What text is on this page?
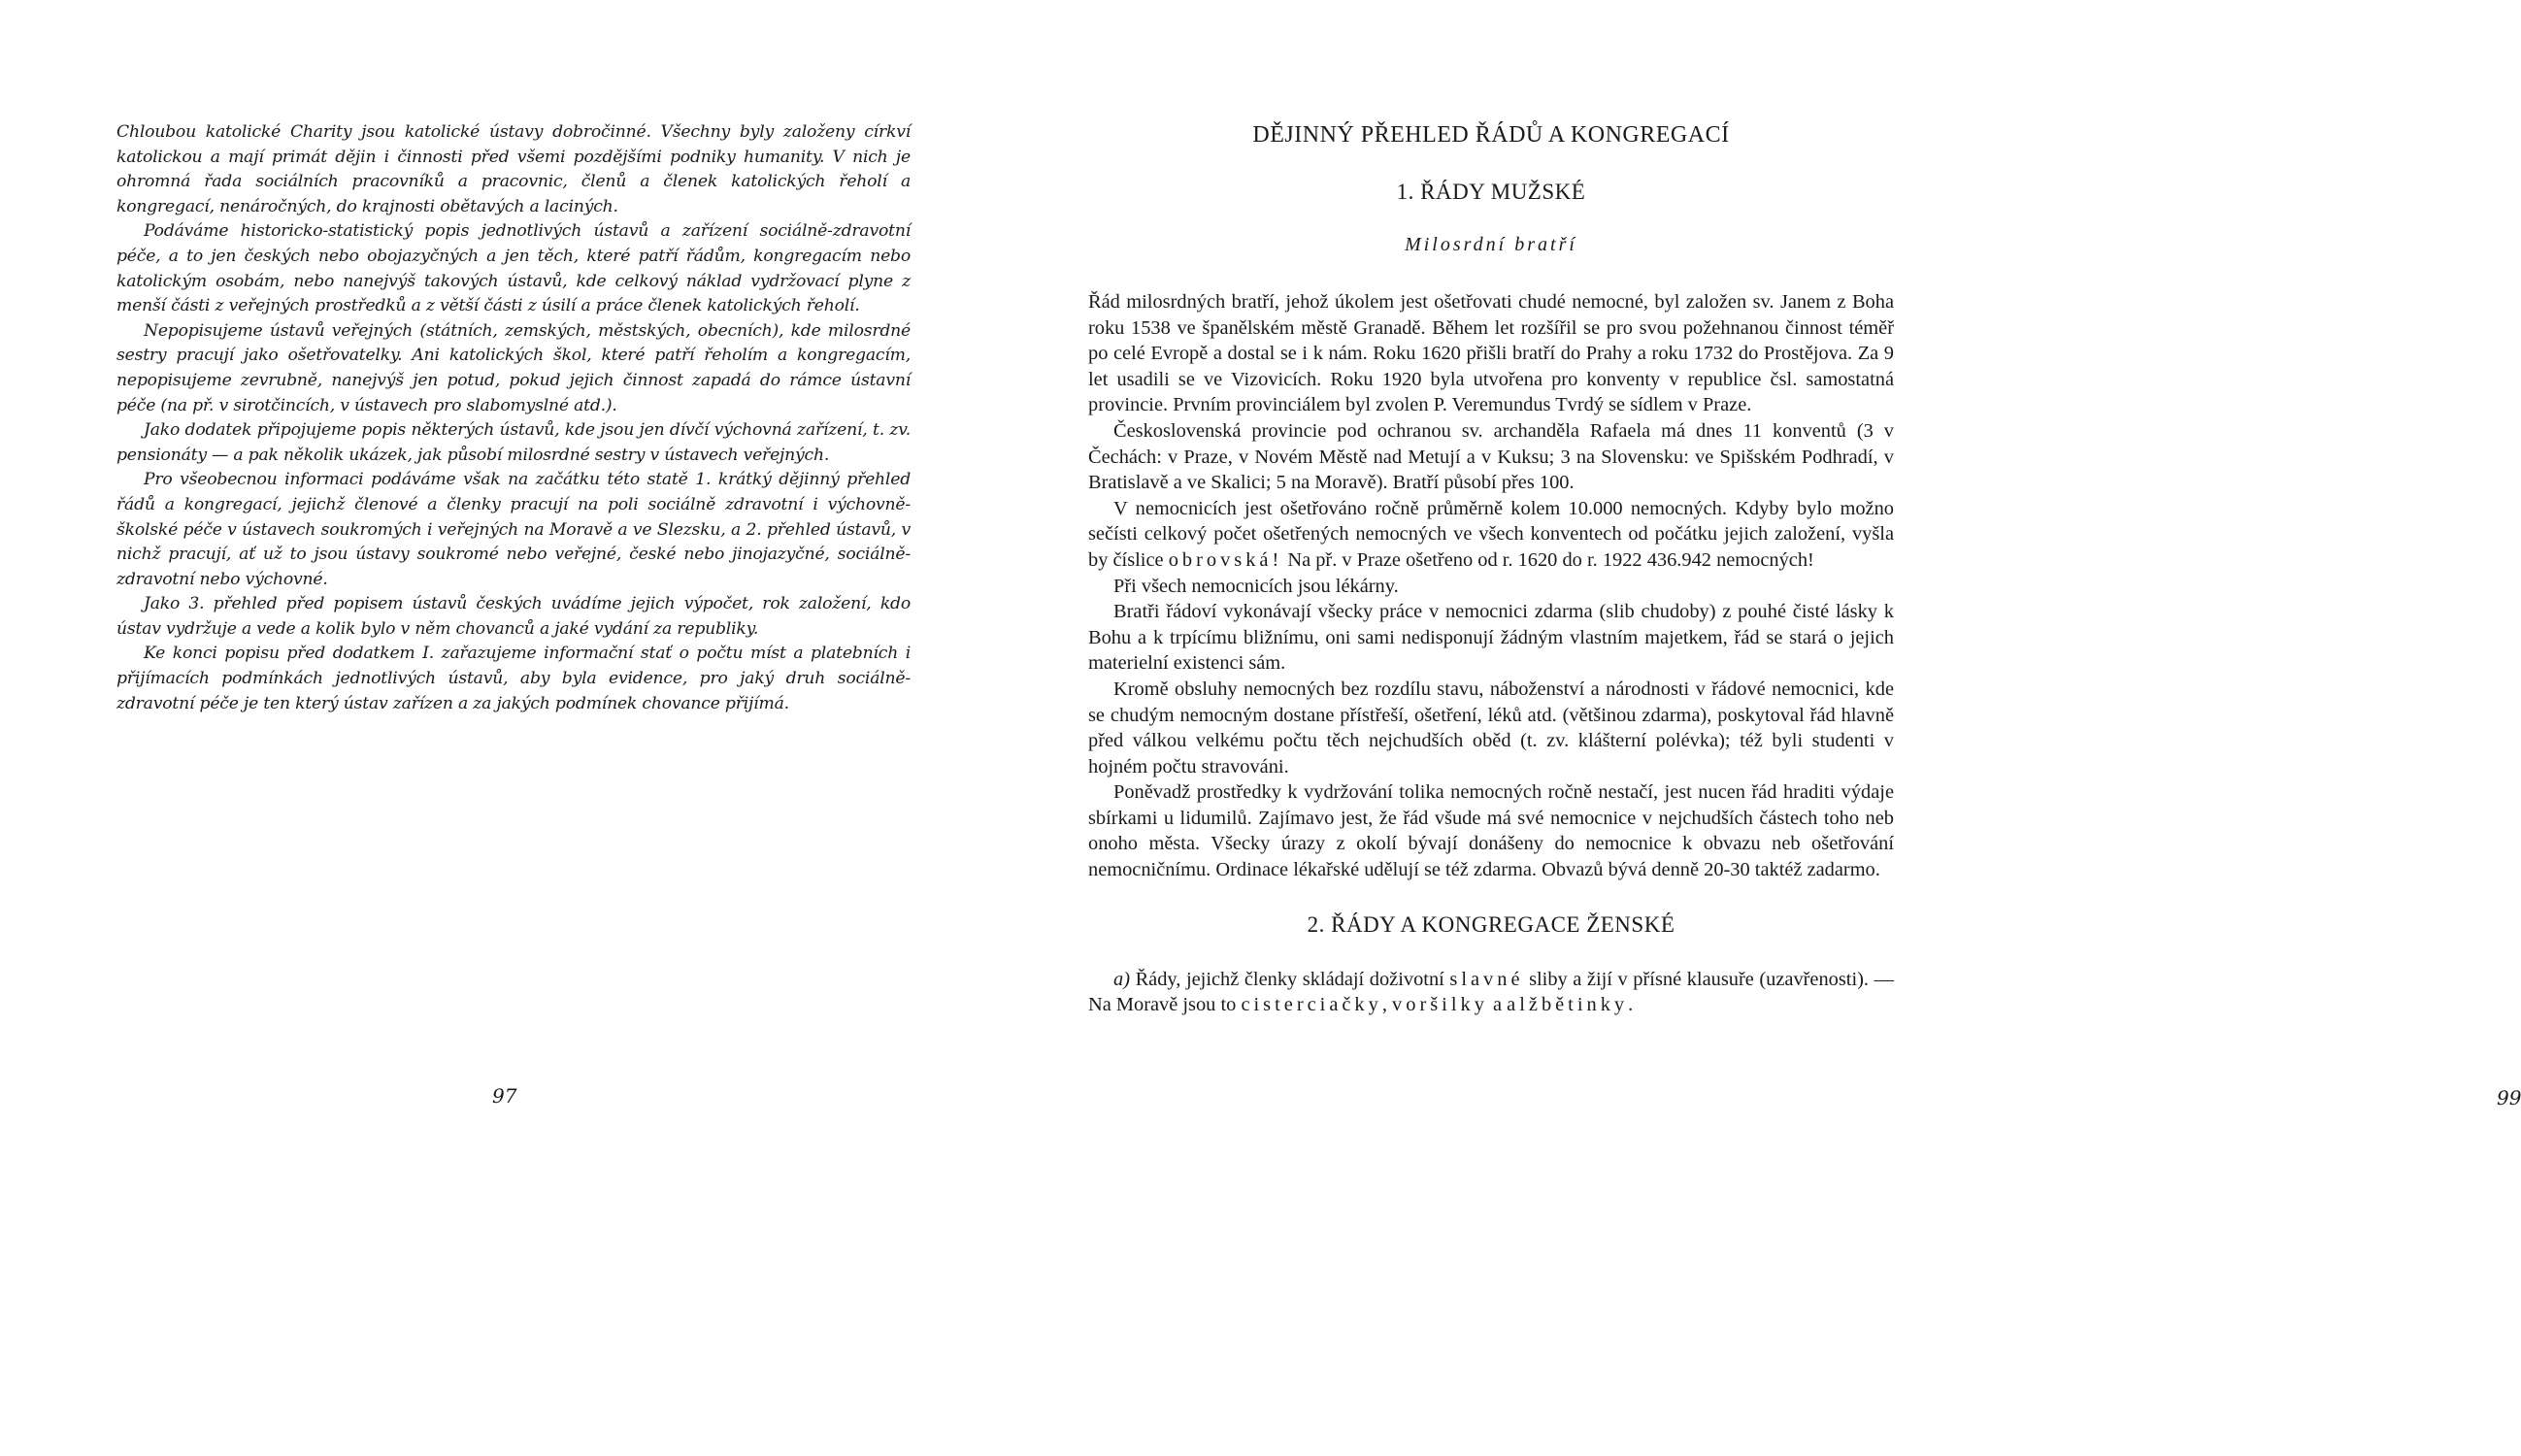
Chloubou katolické Charity jsou katolické ústavy dobročinné. Všechny byly založeny církví katolickou a mají primát dějin i činnosti před všemi pozdějšími podniky humanity. V nich je ohromná řada sociálních pracovníků a pracovnic, členů a členek katolických řeholí a kongregací, nenáročných, do krajnosti obětavých a laciných.

Podáváme historicko-statistický popis jednotlivých ústavů a zařízení sociálně-zdravotní péče, a to jen českých nebo obojazyčných a jen těch, které patří řádům, kongregacím nebo katolickým osobám, nebo nanejvýš takových ústavů, kde celkový náklad vydržovací plyne z menší části z veřejných prostředků a z větší části z úsilí a práce členek katolických řeholí.

Nepopisujeme ústavů veřejných (státních, zemských, městských, obecních), kde milosrdné sestry pracují jako ošetřovatelky. Ani katolických škol, které patří řeholím a kongregacím, nepopisujeme zevrubně, nanejvýš jen potud, pokud jejich činnost zapadá do rámce ústavní péče (na př. v sirotčincích, v ústavech pro slabomyslné atd.).

Jako dodatek připojujeme popis některých ústavů, kde jsou jen dívčí výchovná zařízení, t. zv. pensionáty — a pak několik ukázek, jak působí milosrdné sestry v ústavech veřejných.

Pro všeobecnou informaci podáváme však na začátku této statě 1. krátký dějinný přehled řádů a kongregací, jejichž členové a členky pracují na poli sociálně zdravotní i výchovně-školské péče v ústavech soukromých i veřejných na Moravě a ve Slezsku, a 2. přehled ústavů, v nichž pracují, ať už to jsou ústavy soukromé nebo veřejné, české nebo jinojazyčné, sociálně-zdravotní nebo výchovné.

Jako 3. přehled před popisem ústavů českých uvádíme jejich výpočet, rok založení, kdo ústav vydržuje a vede a kolik bylo v něm chovanců a jaké vydání za republiky.

Ke konci popisu před dodatkem I. zařazujeme informační stať o počtu míst a platebních i přijímacích podmínkách jednotlivých ústavů, aby byla evidence, pro jaký druh sociálně-zdravotní péče je ten který ústav zařízen a za jakých podmínek chovance přijímá.

97
DĚJINNÝ PŘEHLED ŘÁDŮ A KONGREGACÍ
1. ŘÁDY MUŽSKÉ
Milosrdní bratří

Řád milosrdných bratří, jehož úkolem jest ošetřovati chudé nemocné, byl založen sv. Janem z Boha roku 1538 ve španělském městě Granadě. Během let rozšířil se pro svou požehnanou činnost téměř po celé Evropě a dostal se i k nám. Roku 1620 přišli bratří do Prahy a roku 1732 do Prostějova. Za 9 let usadili se ve Vizovicích. Roku 1920 byla utvořena pro konventy v republice čsl. samostatná provincie. Prvním provinciálem byl zvolen P. Veremundus Tvrdý se sídlem v Praze.

Československá provincie pod ochranou sv. archanděla Rafaela má dnes 11 konventů (3 v Čechách: v Praze, v Novém Městě nad Metují a v Kuksu; 3 na Slovensku: ve Spišském Podhradí, v Bratislavě a ve Skalici; 5 na Moravě). Bratří působí přes 100.

V nemocnicích jest ošetřováno ročně průměrně kolem 10.000 nemocných. Kdyby bylo možno sečísti celkový počet ošetřených nemocných ve všech konventech od počátku jejich založení, vyšla by číslice obrovská! Na př. v Praze ošetřeno od r. 1620 do r. 1922 436.942 nemocných!

Při všech nemocnicích jsou lékárny.

Bratři řádoví vykonávají všecky práce v nemocnici zdarma (slib chudoby) z pouhé čisté lásky k Bohu a k trpícímu bližnímu, oni sami nedisponují žádným vlastním majetkem, řád se stará o jejich materielní existenci sám.

Kromě obsluhy nemocných bez rozdílu stavu, náboženství a národnosti v řádové nemocnici, kde se chudým nemocným dostane přístřeší, ošetření, léků atd. (většinou zdarma), poskytoval řád hlavně před válkou velkému počtu těch nejchudších oběd (t. zv. klášterní polévka); též byli studenti v hojném počtu stravováni.

Poněvadž prostředky k vydržování tolika nemocných ročně nestačí, jest nucen řád hraditi výdaje sbírkami u lidumilů. Zajímavo jest, že řád všude má své nemocnice v nejchudších částech toho neb onoho města. Všecky úrazy z okolí bývají donášeny do nemocnice k obvazu neb ošetřování nemocničnímu. Ordinace lékařské udělují se též zdarma. Obvazů bývá denně 20-30 taktéž zadarmo.

2. ŘÁDY A KONGREGACE ŽENSKÉ

a) Řády, jejichž členky skládají doživotní slavné sliby a žijí v přísné klausuře (uzavřenosti). — Na Moravě jsou to cisterciačky, voršilky a alžbětinky.

99
